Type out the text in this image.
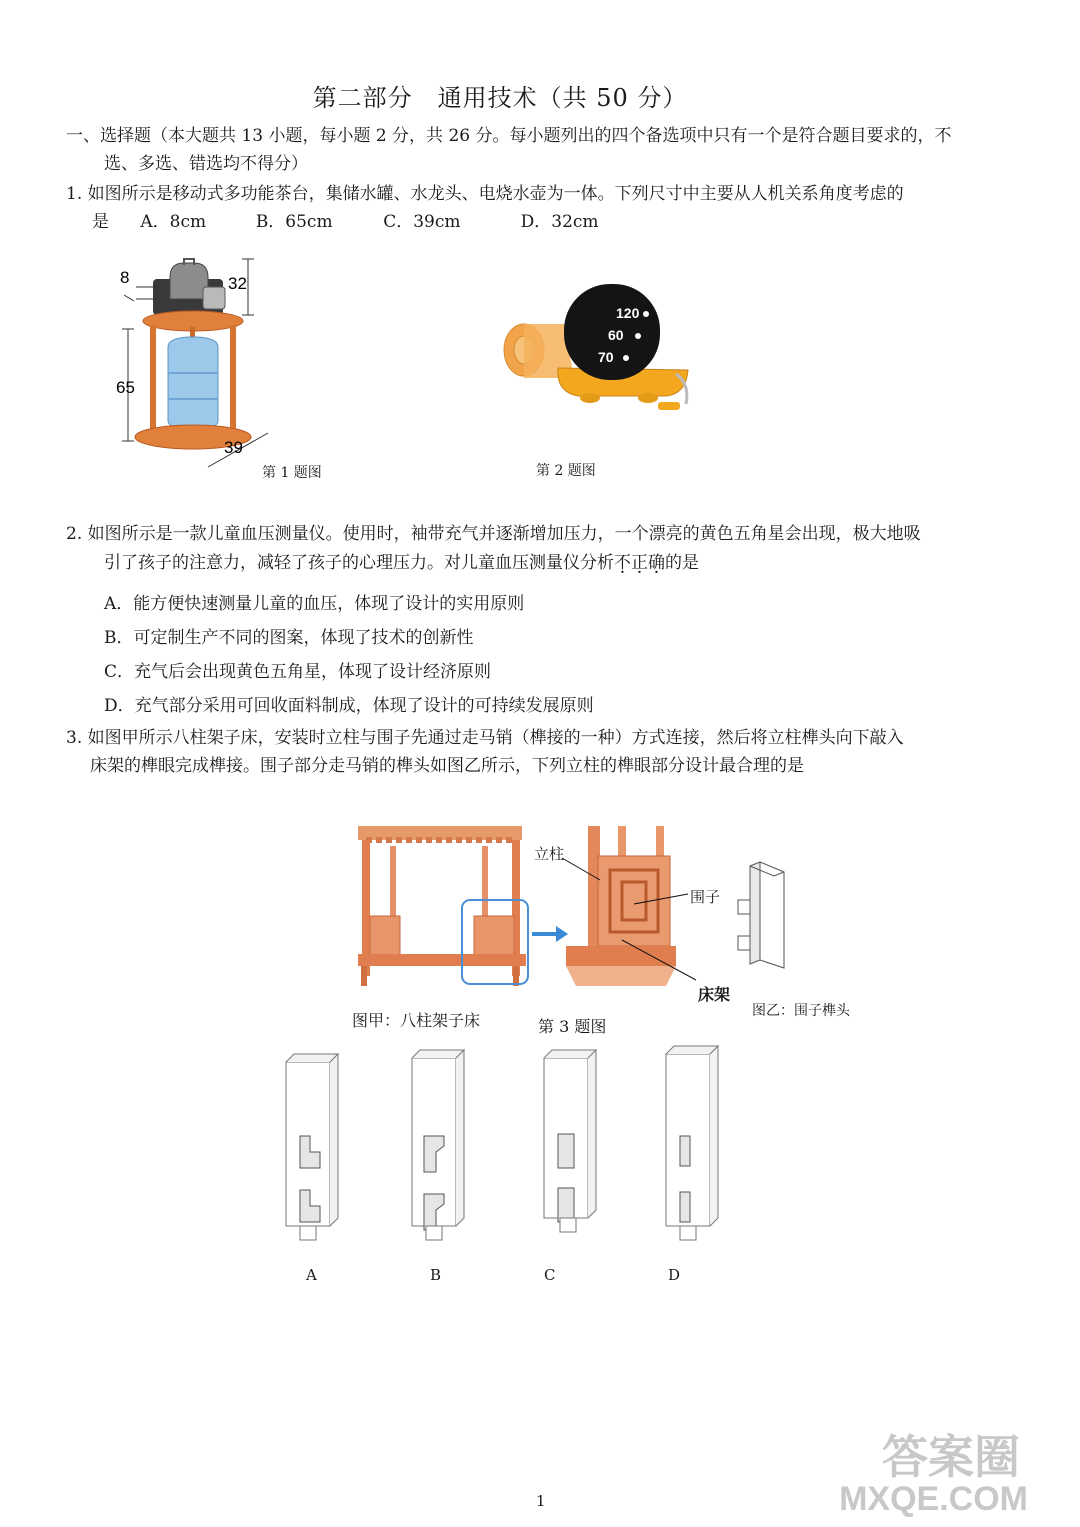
第二部分　通用技术（共 50 分）
一、选择题（本大题共 13 小题，每小题 2 分，共 26 分。每小题列出的四个备选项中只有一个是符合题目要求的，不
选、多选、错选均不得分）
1. 如图所示是移动式多功能茶台，集储水罐、水龙头、电烧水壶为一体。下列尺寸中主要从人机关系角度考虑的
是 A．8cm	B．65cm	C．39cm	D．32cm
8	32
65
39
第 1 题图
120
60
70
第 2 题图
2. 如图所示是一款儿童血压测量仪。使用时，袖带充气并逐渐增加压力，一个漂亮的黄色五角星会出现，极大地吸
引了孩子的注意力，减轻了孩子的心理压力。对儿童血压测量仪分析不正确的是
A．能方便快速测量儿童的血压，体现了设计的实用原则
B．可定制生产不同的图案，体现了技术的创新性
C．充气后会出现黄色五角星，体现了设计经济原则
D．充气部分采用可回收面料制成，体现了设计的可持续发展原则
3. 如图甲所示八柱架子床，安装时立柱与围子先通过走马销（榫接的一种）方式连接，然后将立柱榫头向下敲入
床架的榫眼完成榫接。围子部分走马销的榫头如图乙所示，下列立柱的榫眼部分设计最合理的是
立柱
围子
床架
图甲：八柱架子床	第 3 题图
图乙：围子榫头
A	B	C	D
1
答案圈
MXQE.COM
